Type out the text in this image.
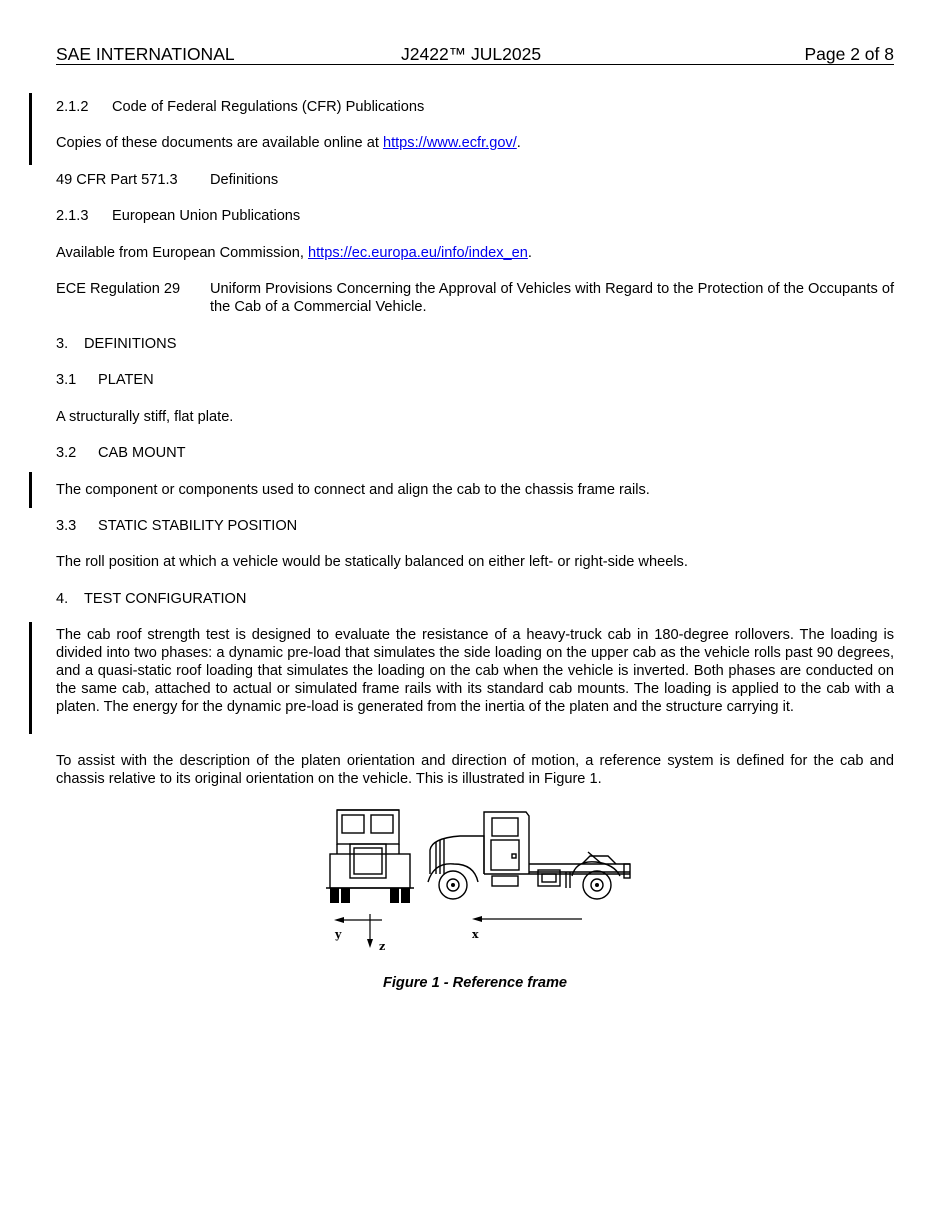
SAE INTERNATIONAL	J2422™ JUL2025	Page 2 of 8
2.1.2 Code of Federal Regulations (CFR) Publications
Copies of these documents are available online at https://www.ecfr.gov/.
49 CFR Part 571.3 Definitions
2.1.3 European Union Publications
Available from European Commission, https://ec.europa.eu/info/index_en.
ECE Regulation 29 Uniform Provisions Concerning the Approval of Vehicles with Regard to the Protection of the Occupants of the Cab of a Commercial Vehicle.
3. DEFINITIONS
3.1 PLATEN
A structurally stiff, flat plate.
3.2 CAB MOUNT
The component or components used to connect and align the cab to the chassis frame rails.
3.3 STATIC STABILITY POSITION
The roll position at which a vehicle would be statically balanced on either left- or right-side wheels.
4. TEST CONFIGURATION
The cab roof strength test is designed to evaluate the resistance of a heavy-truck cab in 180-degree rollovers. The loading is divided into two phases: a dynamic pre-load that simulates the side loading on the upper cab as the vehicle rolls past 90 degrees, and a quasi-static roof loading that simulates the loading on the cab when the vehicle is inverted. Both phases are conducted on the same cab, attached to actual or simulated frame rails with its standard cab mounts. The loading is applied to the cab with a platen. The energy for the dynamic pre-load is generated from the inertia of the platen and the structure carrying it.
To assist with the description of the platen orientation and direction of motion, a reference system is defined for the cab and chassis relative to its original orientation on the vehicle. This is illustrated in Figure 1.
y
z
x
Figure 1 - Reference frame
